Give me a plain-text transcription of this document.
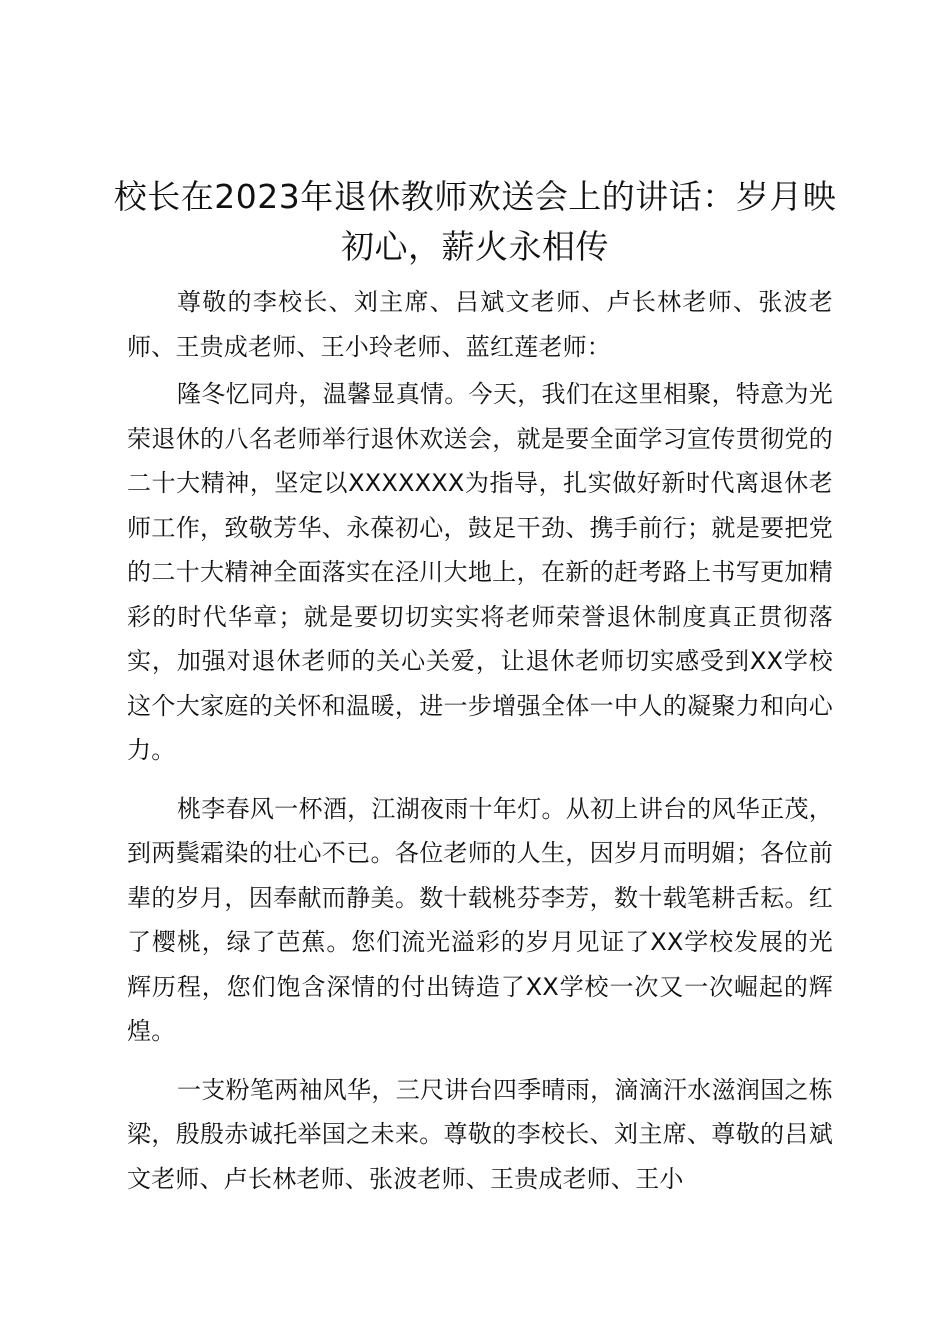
校长在2023年退休教师欢送会上的讲话：岁月映初心，薪火永相传

尊敬的李校长、刘主席、吕斌文老师、卢长林老师、张波老师、王贵成老师、王小玲老师、蓝红莲老师：

隆冬忆同舟，温馨显真情。今天，我们在这里相聚，特意为光荣退休的八名老师举行退休欢送会，就是要全面学习宣传贯彻党的二十大精神，坚定以XXXXXXX为指导，扎实做好新时代离退休老师工作，致敬芳华、永葆初心，鼓足干劲、携手前行；就是要把党的二十大精神全面落实在泾川大地上，在新的赶考路上书写更加精彩的时代华章；就是要切切实实将老师荣誉退休制度真正贯彻落实，加强对退休老师的关心关爱，让退休老师切实感受到XX学校这个大家庭的关怀和温暖，进一步增强全体一中人的凝聚力和向心力。

桃李春风一杯酒，江湖夜雨十年灯。从初上讲台的风华正茂，到两鬓霜染的壮心不已。各位老师的人生，因岁月而明媚；各位前辈的岁月，因奉献而静美。数十载桃芬李芳，数十载笔耕舌耘。红了樱桃，绿了芭蕉。您们流光溢彩的岁月见证了XX学校发展的光辉历程，您们饱含深情的付出铸造了XX学校一次又一次崛起的辉煌。

一支粉笔两袖风华，三尺讲台四季晴雨，滴滴汗水滋润国之栋梁，殷殷赤诚托举国之未来。尊敬的李校长、刘主席、尊敬的吕斌文老师、卢长林老师、张波老师、王贵成老师、王小
